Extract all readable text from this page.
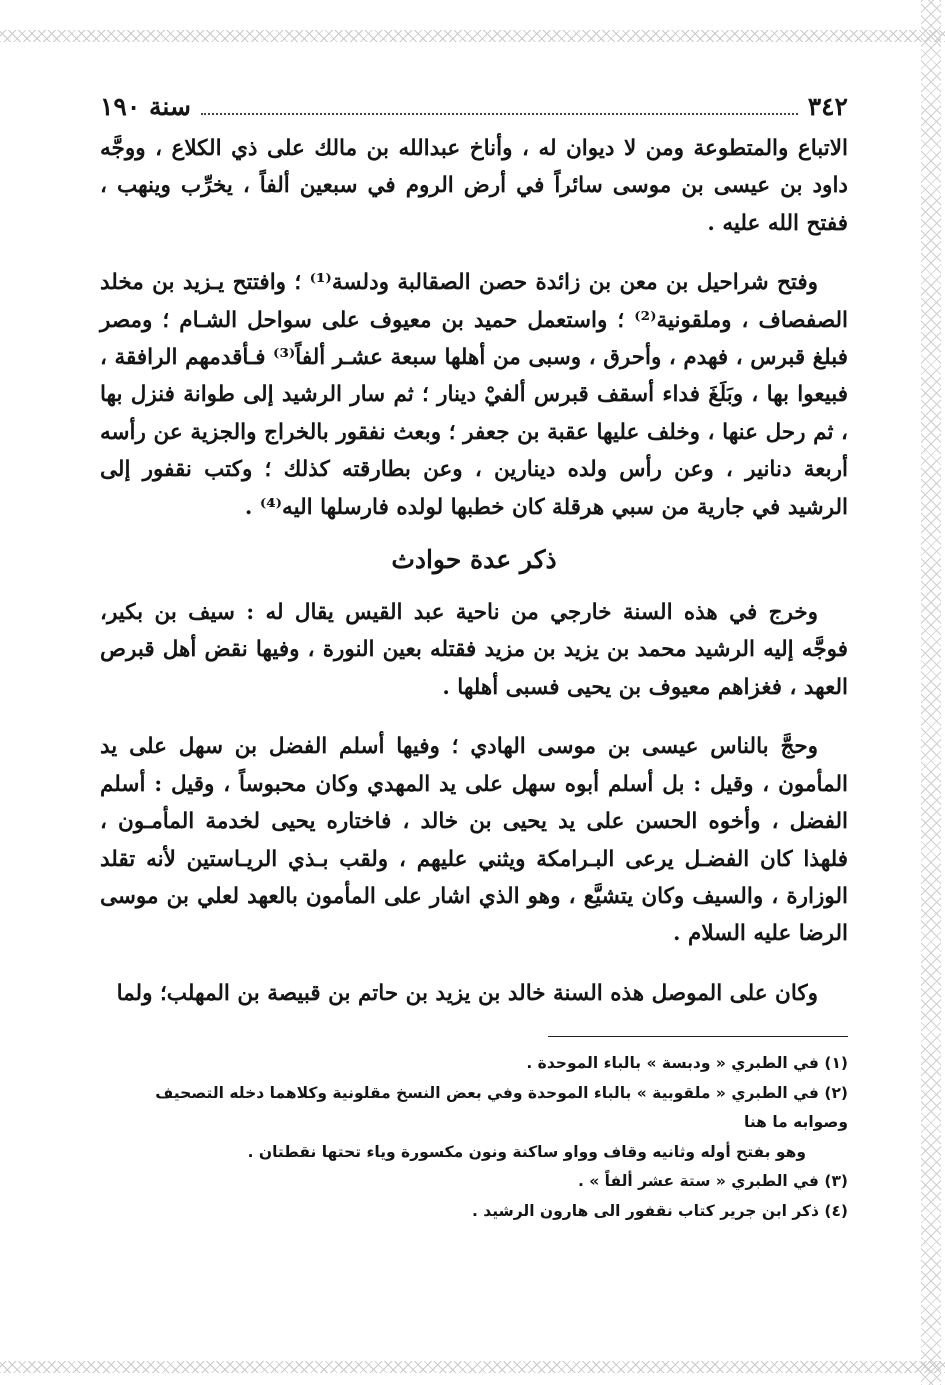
٣٤٢
سنة ١٩٠

الاتباع والمتطوعة ومن لا ديوان له ، وأناخ عبدالله بن مالك على ذي الكلاع ، ووجَّه داود بن عيسى بن موسى سائراً في أرض الروم في سبعين ألفاً ، يخرِّب وينهب ، ففتح الله عليه .

وفتح شراحيل بن معن بن زائدة حصن الصقالبة ودلسة⁽¹⁾ ؛ وافتتح يـزيد بن مخلد الصفصاف ، وملقونية⁽²⁾ ؛ واستعمل حميد بن معيوف على سواحل الشـام ؛ ومصر فبلغ قبرس ، فهدم ، وأحرق ، وسبى من أهلها سبعة عشـر ألفاً⁽³⁾ فـأقدمهم الرافقة ، فبيعوا بها ، وبَلَغَ فداء أسقف قبرس ألفيْ دينار ؛ ثم سار الرشيد إلى طوانة فنزل بها ، ثم رحل عنها ، وخلف عليها عقبة بن جعفر ؛ وبعث نفقور بالخراج والجزية عن رأسه أربعة دنانير ، وعن رأس ولده دينارين ، وعن بطارقته كذلك ؛ وكتب نقفور إلى الرشيد في جارية من سبي هرقلة كان خطبها لولده فارسلها اليه⁽⁴⁾ .

ذكر عدة حوادث

وخرج في هذه السنة خارجي من ناحية عبد القيس يقال له : سيف بن بكير، فوجَّه إليه الرشيد محمد بن يزيد بن مزيد فقتله بعين النورة ، وفيها نقض أهل قبرص العهد ، فغزاهم معيوف بن يحيى فسبى أهلها .

وحجَّ بالناس عيسى بن موسى الهادي ؛ وفيها أسلم الفضل بن سهل على يد المأمون ، وقيل : بل أسلم أبوه سهل على يد المهدي وكان محبوساً ، وقيل : أسلم الفضل ، وأخوه الحسن على يد يحيى بن خالد ، فاختاره يحيى لخدمة المأمـون ، فلهذا كان الفضـل يرعى البـرامكة ويثني عليهم ، ولقب بـذي الريـاستين لأنه تقلد الوزارة ، والسيف وكان يتشيَّع ، وهو الذي اشار على المأمون بالعهد لعلي بن موسى الرضا عليه السلام .

وكان على الموصل هذه السنة خالد بن يزيد بن حاتم بن قبيصة بن المهلب؛ ولما

(١) في الطبري « ودبسة » بالباء الموحدة .

(٢) في الطبري « ملقوبية » بالباء الموحدة وفي بعض النسخ مقلونية وكلاهما دخله التصحيف وصوابه ما هنا

وهو بفتح أوله وثانيه وقاف وواو ساكنة ونون مكسورة وياء تحتها نقطتان .

(٣) في الطبري « ستة عشر ألفاً » .

(٤) ذكر ابن جرير كتاب نقفور الى هارون الرشيد .
